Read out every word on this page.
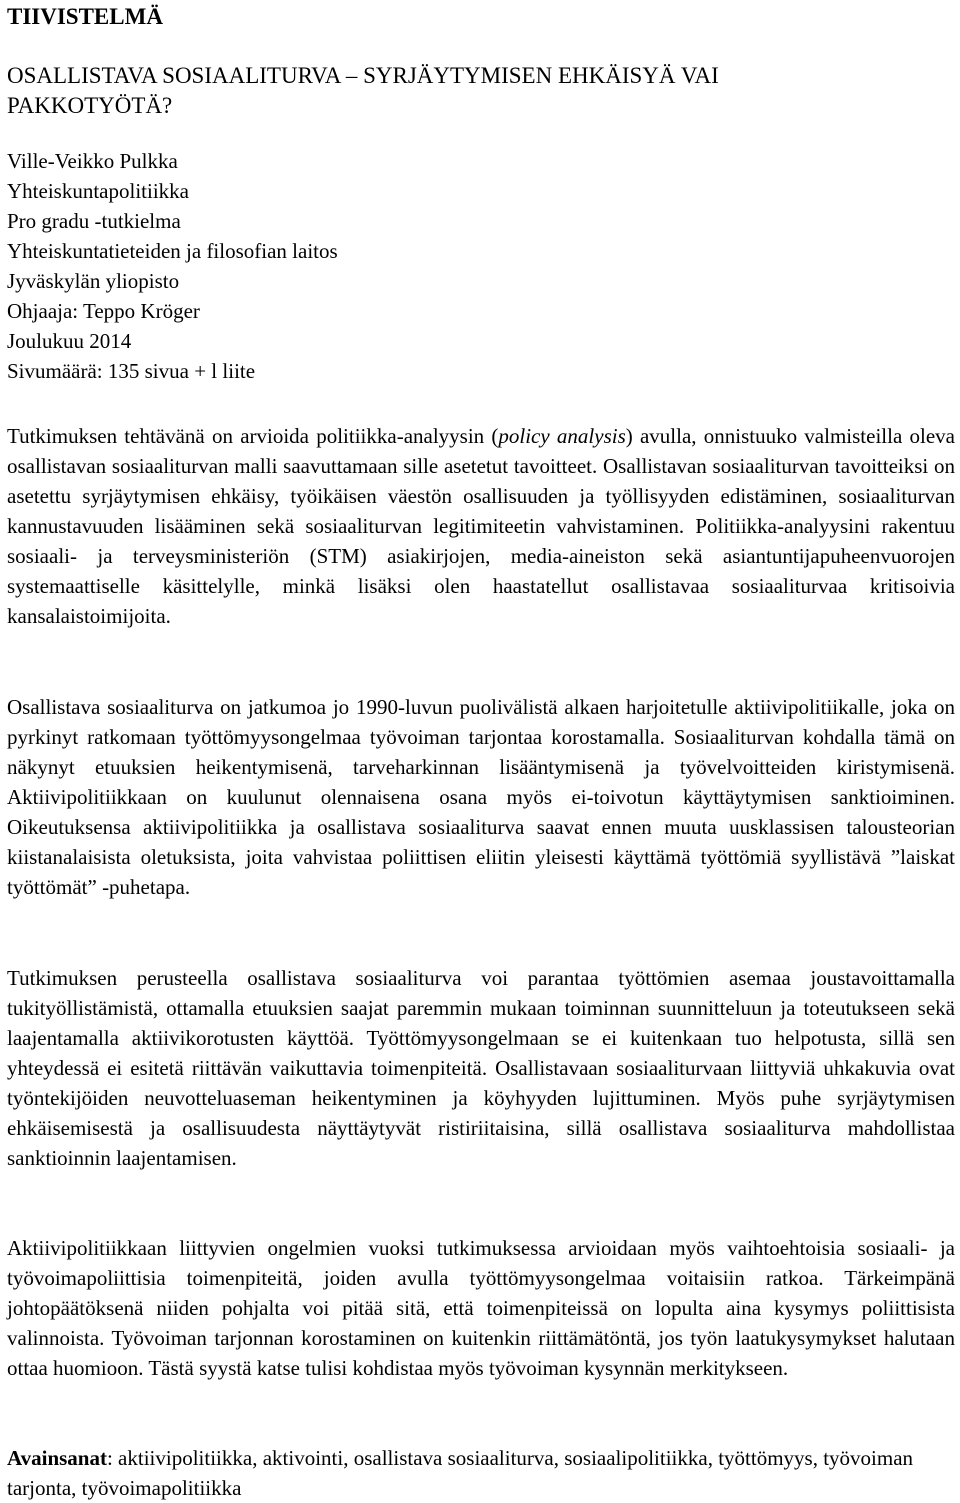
TIIVISTELMÄ
OSALLISTAVA SOSIAALITURVA – SYRJÄYTYMISEN EHKÄISYÄ VAI PAKKOTYÖTÄ?
Ville-Veikko Pulkka
Yhteiskuntapolitiikka
Pro gradu -tutkielma
Yhteiskuntatieteiden ja filosofian laitos
Jyväskylän yliopisto
Ohjaaja: Teppo Kröger
Joulukuu 2014
Sivumäärä: 135 sivua + l liite

Tutkimuksen tehtävänä on arvioida politiikka-analyysin (policy analysis) avulla, onnistuuko valmisteilla oleva osallistavan sosiaaliturvan malli saavuttamaan sille asetetut tavoitteet. Osallistavan sosiaaliturvan tavoitteiksi on asetettu syrjäytymisen ehkäisy, työikäisen väestön osallisuuden ja työllisyyden edistäminen, sosiaaliturvan kannustavuuden lisääminen sekä sosiaaliturvan legitimiteetin vahvistaminen. Politiikka-analyysini rakentuu sosiaali- ja terveysministeriön (STM) asiakirjojen, media-aineiston sekä asiantuntijapuheenvuorojen systemaattiselle käsittelylle, minkä lisäksi olen haastatellut osallistavaa sosiaaliturvaa kritisoivia kansalaistoimijoita.

Osallistava sosiaaliturva on jatkumoa jo 1990-luvun puolivälistä alkaen harjoitetulle aktiivipolitiikalle, joka on pyrkinyt ratkomaan työttömyysongelmaa työvoiman tarjontaa korostamalla. Sosiaaliturvan kohdalla tämä on näkynyt etuuksien heikentymisenä, tarveharkinnan lisääntymisenä ja työvelvoitteiden kiristymisenä. Aktiivipolitiikkaan on kuulunut olennaisena osana myös ei-toivotun käyttäytymisen sanktioiminen. Oikeutuksensa aktiivipolitiikka ja osallistava sosiaaliturva saavat ennen muuta uusklassisen talousteorian kiistanalaisista oletuksista, joita vahvistaa poliittisen eliitin yleisesti käyttämä työttömiä syyllistävä ”laiskat työttömät” -puhetapa.

Tutkimuksen perusteella osallistava sosiaaliturva voi parantaa työttömien asemaa joustavoittamalla tukityöllistämistä, ottamalla etuuksien saajat paremmin mukaan toiminnan suunnitteluun ja toteutukseen sekä laajentamalla aktiivikorotusten käyttöä. Työttömyysongelmaan se ei kuitenkaan tuo helpotusta, sillä sen yhteydessä ei esitetä riittävän vaikuttavia toimenpiteitä. Osallistavaan sosiaaliturvaan liittyviä uhkakuvia ovat työntekijöiden neuvotteluaseman heikentyminen ja köyhyyden lujittuminen. Myös puhe syrjäytymisen ehkäisemisestä ja osallisuudesta näyttäytyvät ristiriitaisina, sillä osallistava sosiaaliturva mahdollistaa sanktioinnin laajentamisen.

Aktiivipolitiikkaan liittyvien ongelmien vuoksi tutkimuksessa arvioidaan myös vaihtoehtoisia sosiaali- ja työvoimapoliittisia toimenpiteitä, joiden avulla työttömyysongelmaa voitaisiin ratkoa. Tärkeimpänä johtopäätöksenä niiden pohjalta voi pitää sitä, että toimenpiteissä on lopulta aina kysymys poliittisista valinnoista. Työvoiman tarjonnan korostaminen on kuitenkin riittämätöntä, jos työn laatukysymykset halutaan ottaa huomioon. Tästä syystä katse tulisi kohdistaa myös työvoiman kysynnän merkitykseen.

Avainsanat: aktiivipolitiikka, aktivointi, osallistava sosiaaliturva, sosiaalipolitiikka, työttömyys, työvoiman tarjonta, työvoimapolitiikka
